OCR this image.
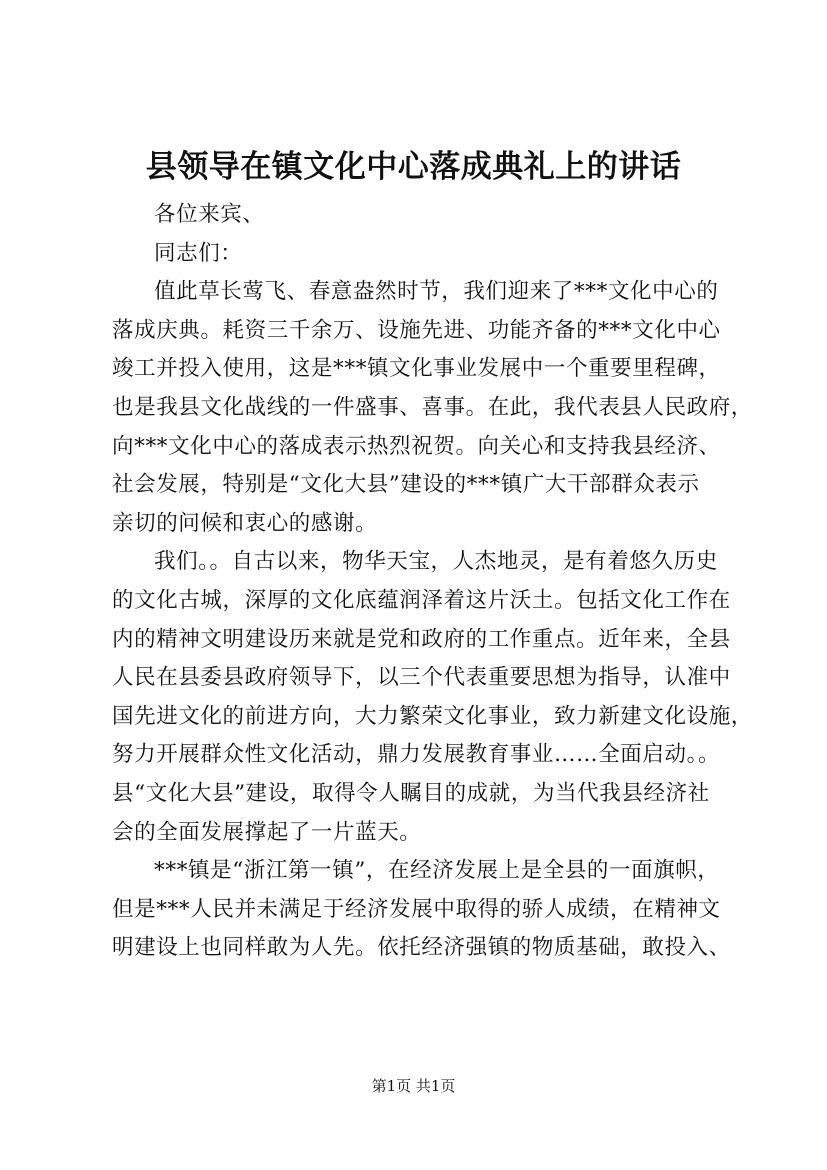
县领导在镇文化中心落成典礼上的讲话
各位来宾、
同志们：
值此草长莺飞、春意盎然时节，我们迎来了***文化中心的
落成庆典。耗资三千余万、设施先进、功能齐备的***文化中心
竣工并投入使用，这是***镇文化事业发展中一个重要里程碑，
也是我县文化战线的一件盛事、喜事。在此，我代表县人民政府，
向***文化中心的落成表示热烈祝贺。向关心和支持我县经济、
社会发展，特别是“文化大县”建设的***镇广大干部群众表示
亲切的问候和衷心的感谢。
我们。。自古以来，物华天宝，人杰地灵，是有着悠久历史
的文化古城，深厚的文化底蕴润泽着这片沃土。包括文化工作在
内的精神文明建设历来就是党和政府的工作重点。近年来，全县
人民在县委县政府领导下，以三个代表重要思想为指导，认准中
国先进文化的前进方向，大力繁荣文化事业，致力新建文化设施，
努力开展群众性文化活动，鼎力发展教育事业……全面启动。。
县“文化大县”建设，取得令人瞩目的成就，为当代我县经济社
会的全面发展撑起了一片蓝天。
***镇是“浙江第一镇”，在经济发展上是全县的一面旗帜，
但是***人民并未满足于经济发展中取得的骄人成绩，在精神文
明建设上也同样敢为人先。依托经济强镇的物质基础，敢投入、
第1页 共1页
